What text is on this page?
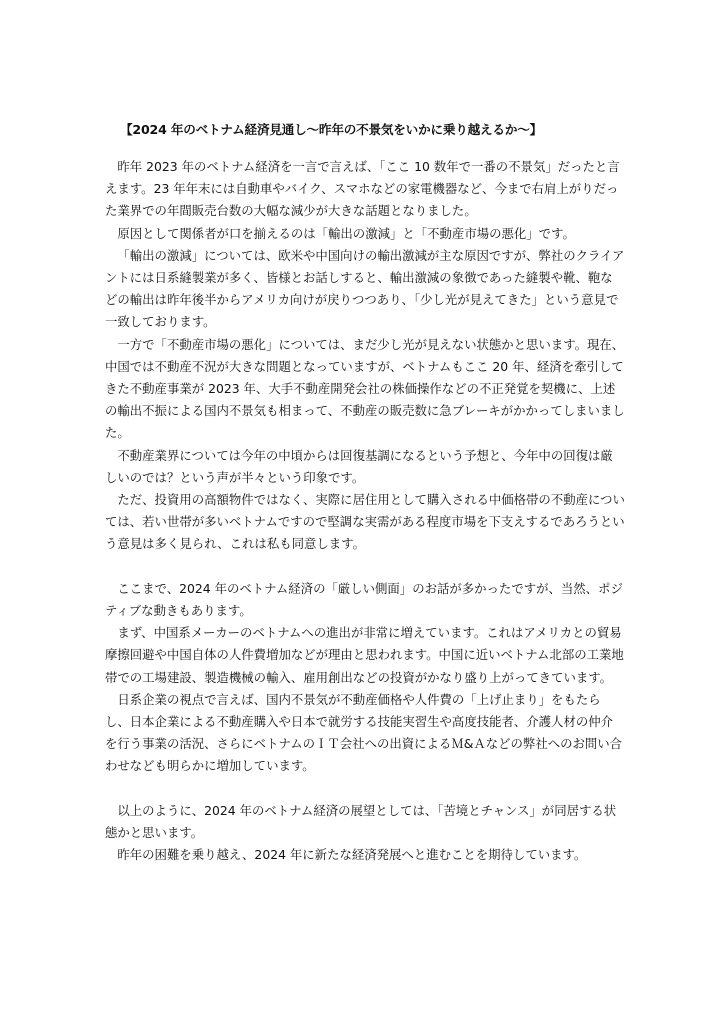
【2024 年のベトナム経済見通し～昨年の不景気をいかに乗り越えるか～】

昨年 2023 年のベトナム経済を一言で言えば、「ここ 10 数年で一番の不景気」だったと言えます。23 年年末には自動車やバイク、スマホなどの家電機器など、今まで右肩上がりだった業界での年間販売台数の大幅な減少が大きな話題となりました。

原因として関係者が口を揃えるのは「輸出の激減」と「不動産市場の悪化」です。

「輸出の激減」については、欧米や中国向けの輸出激減が主な原因ですが、弊社のクライアントには日系縫製業が多く、皆様とお話しすると、輸出激減の象徴であった縫製や靴、鞄などの輸出は昨年後半からアメリカ向けが戻りつつあり、「少し光が見えてきた」という意見で一致しております。

一方で「不動産市場の悪化」については、まだ少し光が見えない状態かと思います。現在、中国では不動産不況が大きな問題となっていますが、ベトナムもここ 20 年、経済を牽引してきた不動産事業が 2023 年、大手不動産開発会社の株価操作などの不正発覚を契機に、上述の輸出不振による国内不景気も相まって、不動産の販売数に急ブレーキがかかってしまいました。

不動産業界については今年の中頃からは回復基調になるという予想と、今年中の回復は厳しいのでは？という声が半々という印象です。

ただ、投資用の高額物件ではなく、実際に居住用として購入される中価格帯の不動産については、若い世帯が多いベトナムですので堅調な実需がある程度市場を下支えするであろうという意見は多く見られ、これは私も同意します。

ここまで、2024 年のベトナム経済の「厳しい側面」のお話が多かったですが、当然、ポジティブな動きもあります。

まず、中国系メーカーのベトナムへの進出が非常に増えています。これはアメリカとの貿易摩擦回避や中国自体の人件費増加などが理由と思われます。中国に近いベトナム北部の工業地帯での工場建設、製造機械の輸入、雇用創出などの投資がかなり盛り上がってきています。

日系企業の視点で言えば、国内不景気が不動産価格や人件費の「上げ止まり」をもたらし、日本企業による不動産購入や日本で就労する技能実習生や高度技能者、介護人材の仲介を行う事業の活況、さらにベトナムのＩＴ会社への出資によるＭ&Ａなどの弊社へのお問い合わせなども明らかに増加しています。

以上のように、2024 年のベトナム経済の展望としては、「苦境とチャンス」が同居する状態かと思います。

昨年の困難を乗り越え、2024 年に新たな経済発展へと進むことを期待しています。
